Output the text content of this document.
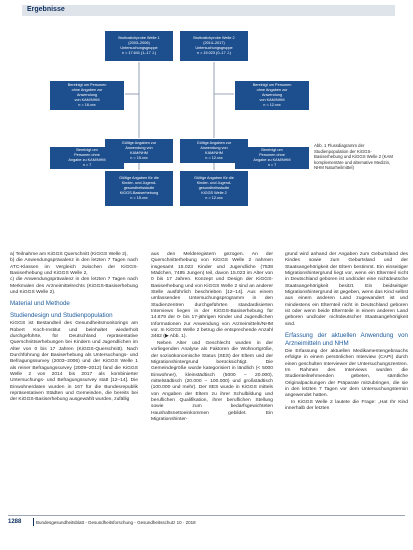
Ergebnisse
Bruttostichprobe Welle 1
(2003–2006)
Untersuchungsgruppe
n = 17.641 (1–17 J.)
Bruttostichprobe Welle 2
(2014–2017)
Untersuchungsgruppe
n = 15.023 (0–17 J.)
Bereinigt um Personen
ohne Angaben zur
Anwendung
von KAM/NHM
n = 16.xxx
Bereinigt um Personen
ohne Angaben zur
Anwendung
von KAM/NHM
n = 12.xxx
Gültige Angaben zur
Anwendung von
KAM/NHM
n = 15.xxx
Gültige Angaben zur
Anwendung von
KAM/NHM
n = 12.xxx
Bereinigt um
Personen ohne
Angabe zu KAM/NHM
n = 7
Bereinigt um
Personen ohne
Angabe zu KAM/NHM
n = 7
Gültige Angaben für die
Kinder- und Jugend-
gesundheitsstudie
KiGGS-Basiserhebung
n = 15.xxx
Gültige Angaben für die
Kinder- und Jugend-
gesundheitsstudie
KiGGS Welle 2
n = 12.xxx
Abb. 1 Flussdiagramm der Studienpopulation der KiGGS-Basiserhebung und KiGGS Welle 2 (KAM komplementäre und alternative Medizin, NHM Naturheilmittel)

a) Teilnahme am KiGGS Querschnitt (KiGGS Welle 2),

b) die Anwendungsprävalenz in den letzten 7 Tagen nach ATC-Klassen im Vergleich zwischen der KiGGS-Basiserhebung und KiGGS Welle 2,

c) die Anwendungsprävalenz in den letzten 7 Tagen nach Merkmalen des Arzneimittelrechts (KiGGS-Basiserhebung und KiGGS Welle 2).

Material und Methode
Studiendesign und Studienpopulation

KiGGS ist Bestandteil des Gesundheitsmonitorings am Robert Koch-Institut und beinhaltet wiederholt durchgeführte, für Deutschland repräsentative Querschnittserhebungen bei Kindern und Jugendlichen im Alter von 0 bis 17 Jahren (KiGGS-Querschnitt). Nach Durchführung der Basiserhebung als Untersuchungs- und Befragungssurvey (2003–2006) und der KiGGS Welle 1 als reiner Befragungssurvey (2009–2012) fand die KiGGS Welle 2 von 2014 bis 2017 als kombinierter Untersuchungs- und Befragungssurvey statt [12–14]. Die Einwohnerdaten wurden in 167 für die Bundesrepublik repräsentativen Städten und Gemeinden, die bereits bei der KiGGS-Basiserhebung ausgewählt wurden, zufällig

aus den Melderegistern gezogen. An der Querschnitterhebung von KiGGS Welle 2 nahmen insgesamt 15.023 Kinder und Jugendliche (7538 Mädchen, 7485 Jungen) teil, davon 15.023 im Alter von 0 bis 17 Jahren. Konzept und Design der KiGGS-Basiserhebung und von KiGGS Welle 2 sind an anderer Stelle ausführlich beschrieben [12–14]. Aus einem umfassenden Untersuchungsprogramm in den Studienzentren durchgeführten standardisierten Interviews liegen in der KiGGS-Basiserhebung für 14.679 der 0- bis 17-jährigen Kinder und Jugendlichen Informationen zur Anwendung von Arzneimitteln/NHM vor. In KiGGS Welle 2 betrug die entsprechende Anzahl 3462 (▶ Abb. 1).

Neben Alter und Geschlecht wurden in der vorliegenden Analyse als Faktoren die Wohnortgröße, der sozioökonomische Status (SES) der Eltern und der Migrationshintergrund berücksichtigt. Die Gemeindegröße wurde kategorisiert in ländlich (< 5000 Einwohner), kleinstädtisch (5000 – 20.000), mittelstädtisch (20.000 – 100.000) und großstädtisch (100.000 und mehr). Der SES wurde in KiGGS mittels von Angaben der Eltern zu ihrer Schulbildung und beruflichen Qualifikation, ihrer beruflichen Stellung sowie zum bedarfsgewichteten Haushaltsnettoeinkommen gebildet. Ein Migrationshinter-

grund wird anhand der Angaben zum Geburtsland des Kindes sowie zum Geburtsland und der Staatsangehörigkeit der Eltern bestimmt. Ein einseitiger Migrationshintergrund liegt vor, wenn ein Elternteil nicht in Deutschland geboren ist und/oder eine nichtdeutsche Staatsangehörigkeit besitzt. Ein beidseitiger Migrationshintergrund ist gegeben, wenn das Kind selbst aus einem anderen Land zugewandert ist und mindestens ein Elternteil nicht in Deutschland geboren ist oder wenn beide Elternteile in einem anderen Land geboren und/oder nichtdeutscher Staatsangehörigkeit sind.

Erfassung der aktuellen Anwendung von Arzneimitteln und NHM

Die Erfassung der aktuellen Medikamentengebrauchs erfolgte in einem persönlichen Interview (CAPI) durch einen geschulten Interviewer der Untersuchungszentren. Im Rahmen des Interviews wurden die Studienteilnehmenden gebeten, sämtliche Originalpackungen der Präparate mitzubringen, die sie in den letzten 7 Tagen vor dem Untersuchungstermin angewendet hatten.

In KiGGS Welle 2 lautete die Frage: „Hat Ihr Kind innerhalb der letzten

1288	Bundesgesundheitsblatt - Gesundheitsforschung - Gesundheitsschutz 10 · 2018
